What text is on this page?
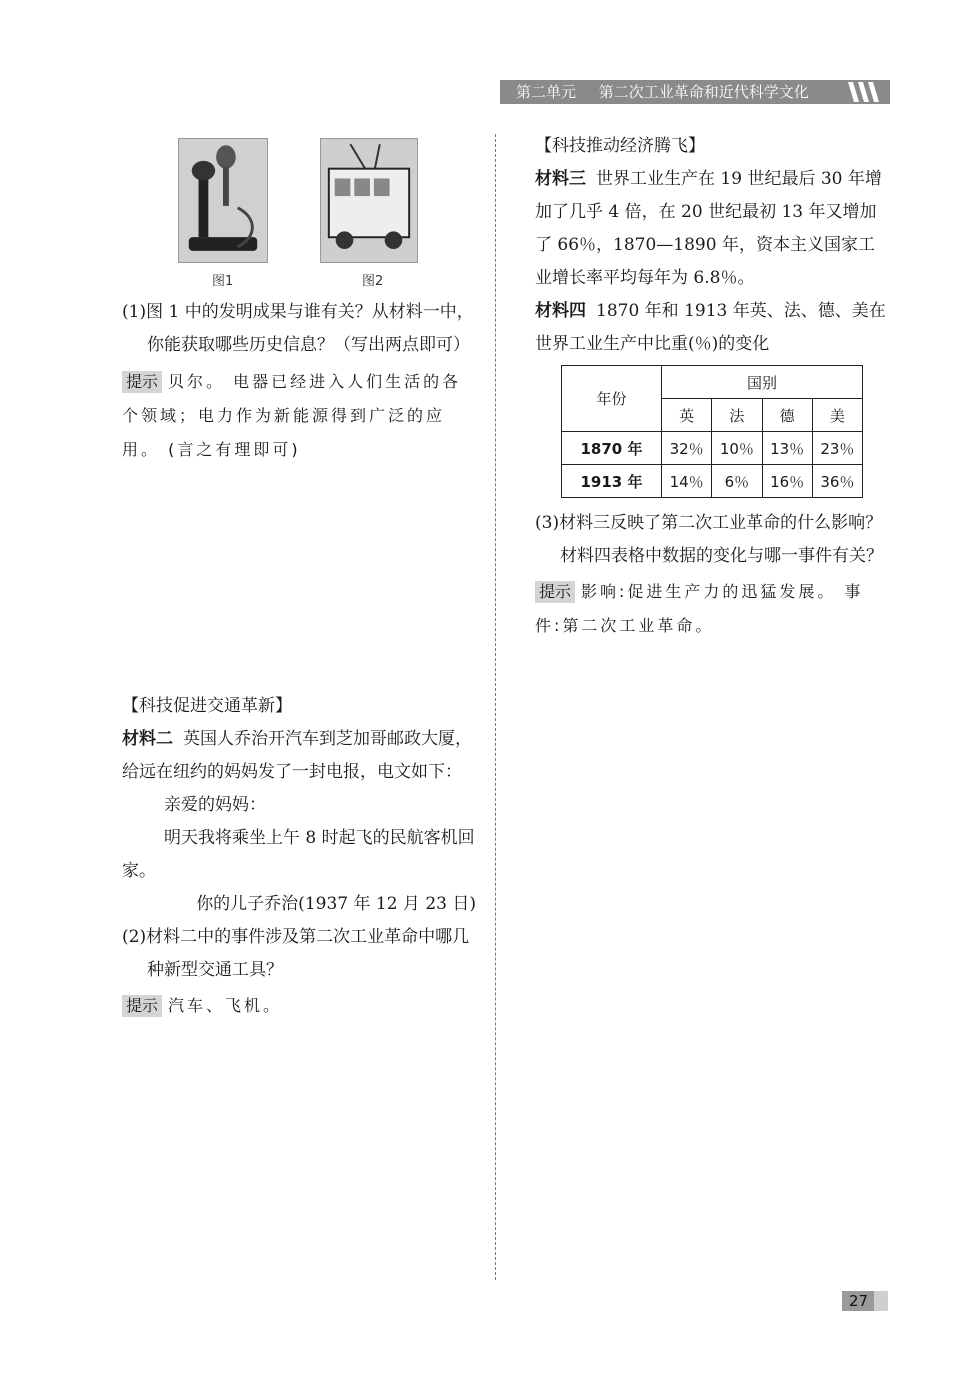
第二单元 第二次工业革命和近代科学文化
图1	图2

(1)图 1 中的发明成果与谁有关？从材料一中，你能获取哪些历史信息？（写出两点即可）

提示 贝尔。 电器已经进入人们生活的各个领域；电力作为新能源得到广泛的应用。 (言之有理即可)

【科技促进交通革新】

材料二 英国人乔治开汽车到芝加哥邮政大厦，给远在纽约的妈妈发了一封电报，电文如下：

亲爱的妈妈：

明天我将乘坐上午 8 时起飞的民航客机回家。

你的儿子乔治(1937 年 12 月 23 日)

(2)材料二中的事件涉及第二次工业革命中哪几种新型交通工具？

提示 汽车、飞机。

【科技推动经济腾飞】

材料三 世界工业生产在 19 世纪最后 30 年增加了几乎 4 倍，在 20 世纪最初 13 年又增加了 66％，1870—1890 年，资本主义国家工业增长率平均每年为 6.8％。

材料四 1870 年和 1913 年英、法、德、美在世界工业生产中比重(％)的变化

年份	国别			
	英	法	德	美
1870 年	32％	10％	13％	23％
1913 年	14％	6％	16％	36％

(3)材料三反映了第二次工业革命的什么影响？材料四表格中数据的变化与哪一事件有关？

提示 影响:促进生产力的迅猛发展。 事件:第二次工业革命。

27
